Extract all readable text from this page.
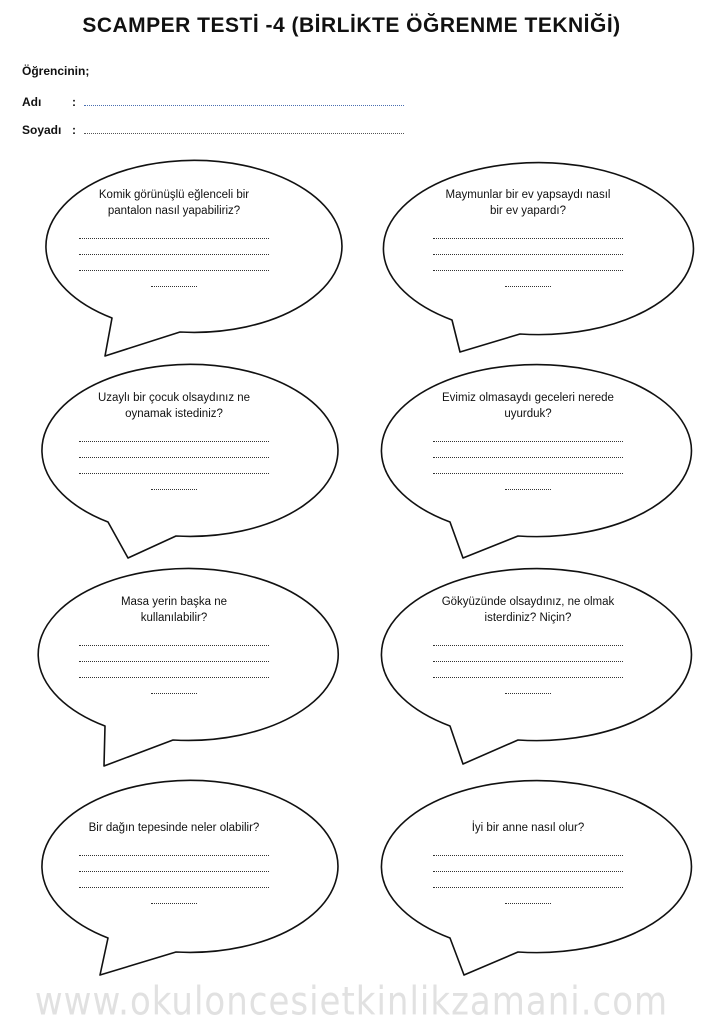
SCAMPER TESTİ -4 (BİRLİKTE ÖĞRENME TEKNİĞİ)
Öğrencinin;
Adı	:
Soyadı :
Komik görünüşlü eğlenceli bir
pantalon nasıl yapabiliriz?
Maymunlar bir ev yapsaydı nasıl
bir ev yapardı?
Uzaylı bir çocuk olsaydınız ne
oynamak istediniz?
Evimiz olmasaydı geceleri nerede
uyurduk?
Masa yerin başka ne
kullanılabilir?
Gökyüzünde olsaydınız, ne olmak
isterdiniz? Niçin?
Bir dağın tepesinde neler olabilir?	İyi bir anne nasıl olur?
www.okuloncesietkinlikzamani.com
